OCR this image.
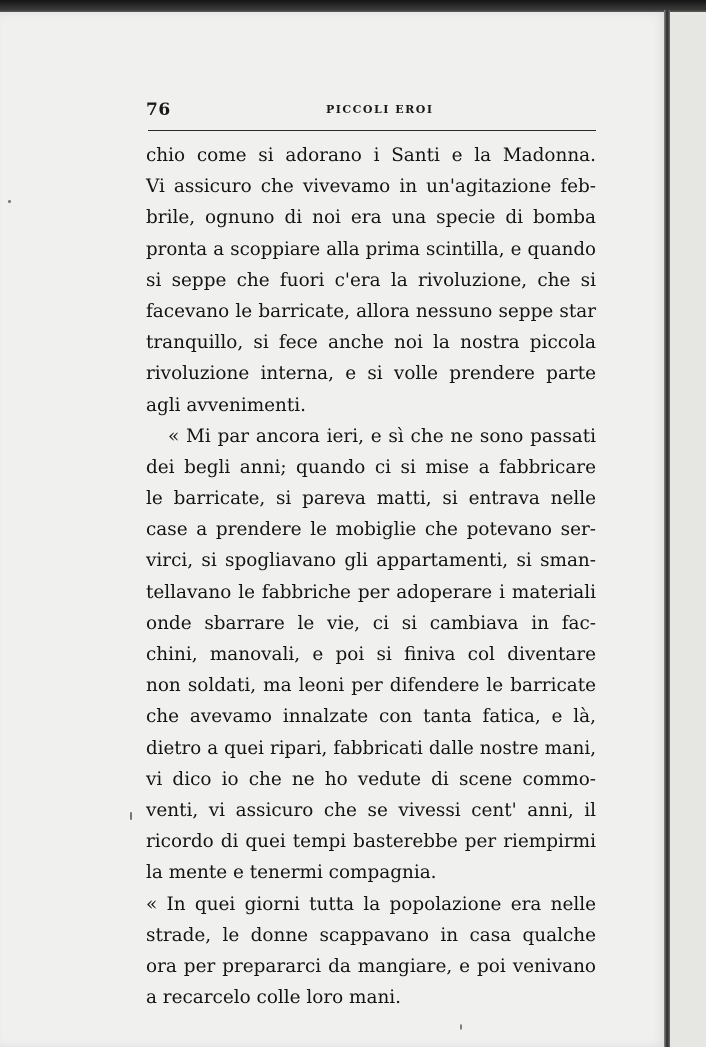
76	PICCOLI EROI
chio come si adorano i Santi e la Madonna.
Vi assicuro che vivevamo in un'agitazione feb-
brile, ognuno di noi era una specie di bomba
pronta a scoppiare alla prima scintilla, e quando
si seppe che fuori c'era la rivoluzione, che si
facevano le barricate, allora nessuno seppe star
tranquillo, si fece anche noi la nostra piccola
rivoluzione interna, e si volle prendere parte
agli avvenimenti.
« Mi par ancora ieri, e sì che ne sono passati
dei begli anni; quando ci si mise a fabbricare
le barricate, si pareva matti, si entrava nelle
case a prendere le mobiglie che potevano ser-
virci, si spogliavano gli appartamenti, si sman-
tellavano le fabbriche per adoperare i materiali
onde sbarrare le vie, ci si cambiava in fac-
chini, manovali, e poi si finiva col diventare
non soldati, ma leoni per difendere le barricate
che avevamo innalzate con tanta fatica, e là,
dietro a quei ripari, fabbricati dalle nostre mani,
vi dico io che ne ho vedute di scene commo-
venti, vi assicuro che se vivessi cent' anni, il
ricordo di quei tempi basterebbe per riempirmi
la mente e tenermi compagnia.
« In quei giorni tutta la popolazione era nelle
strade, le donne scappavano in casa qualche
ora per prepararci da mangiare, e poi venivano
a recarcelo colle loro mani.
